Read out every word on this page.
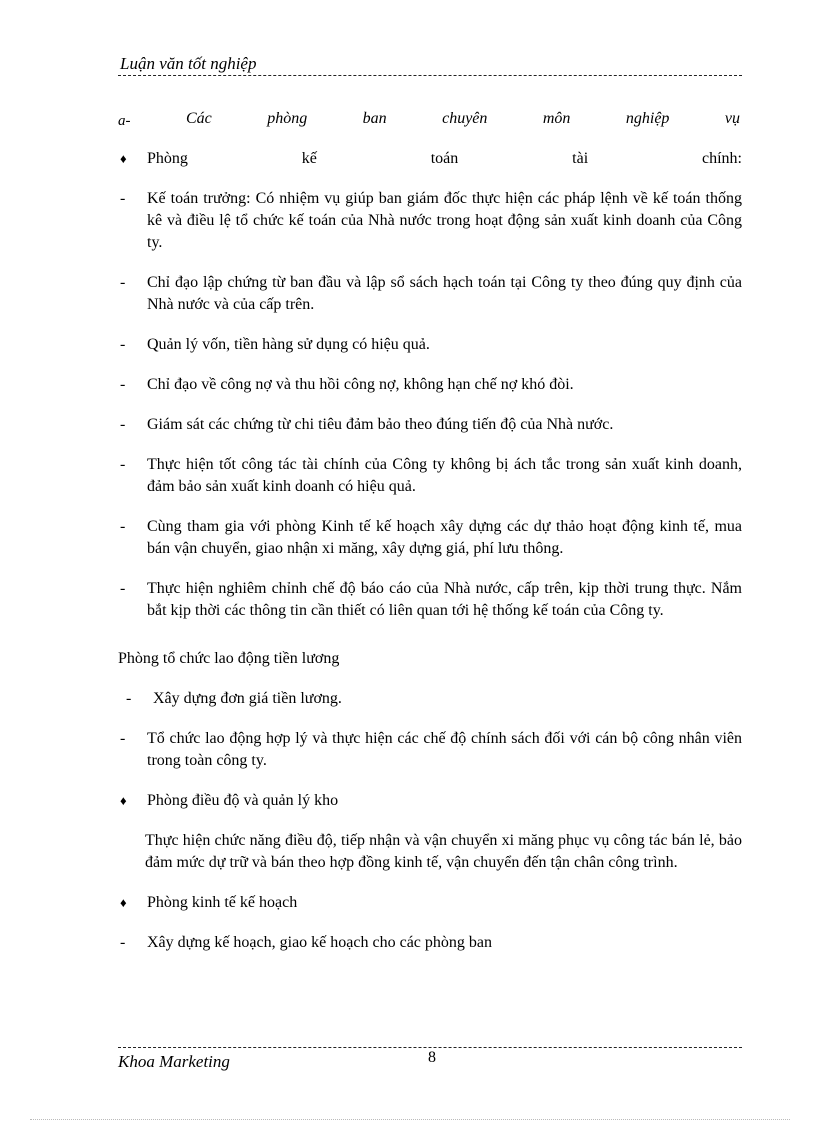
Luận văn tốt nghiệp
a-	Các	phòng	ban	chuyên	môn	nghiệp	vụ
♦	Phòng	kế	toán	tài	chính:
-	Kế toán trưởng: Có nhiệm vụ giúp ban giám đốc thực hiện các pháp lệnh về kế toán thống kê và điều lệ tổ chức kế toán của Nhà nước trong hoạt động sản xuất kinh doanh của Công ty.
-	Chỉ đạo lập chứng từ ban đầu và lập sổ sách hạch toán tại Công ty theo đúng quy định của Nhà nước và của cấp trên.
-	Quản lý vốn, tiền hàng sử dụng có hiệu quả.
-	Chỉ đạo về công nợ và thu hồi công nợ, không hạn chế nợ khó đòi.
-	Giám sát các chứng từ chi tiêu đảm bảo theo đúng tiến độ của Nhà nước.
-	Thực hiện tốt công tác tài chính của Công ty không bị ách tắc trong sản xuất kinh doanh, đảm bảo sản xuất kinh doanh có hiệu quả.
-	Cùng tham gia với phòng Kinh tế kế hoạch xây dựng các dự thảo hoạt động kinh tế, mua bán vận chuyển, giao nhận xi măng, xây dựng giá, phí lưu thông.
-	Thực hiện nghiêm chỉnh chế độ báo cáo của Nhà nước, cấp trên, kịp thời trung thực. Nắm bắt kịp thời các thông tin cần thiết có liên quan tới hệ thống kế toán của Công ty.
Phòng tổ chức lao động tiền lương
-	Xây dựng đơn giá tiền lương.
-	Tổ chức lao động hợp lý và thực hiện các chế độ chính sách đối với cán bộ công nhân viên trong toàn công ty.
♦	Phòng điều độ và quản lý kho
Thực hiện chức năng điều độ, tiếp nhận và vận chuyển xi măng phục vụ công tác bán lẻ, bảo đảm mức dự trữ và bán theo hợp đồng kinh tế, vận chuyển đến tận chân công trình.
♦	Phòng kinh tế kế hoạch
-	Xây dựng kế hoạch, giao kế hoạch cho các phòng ban
Khoa Marketing	8
